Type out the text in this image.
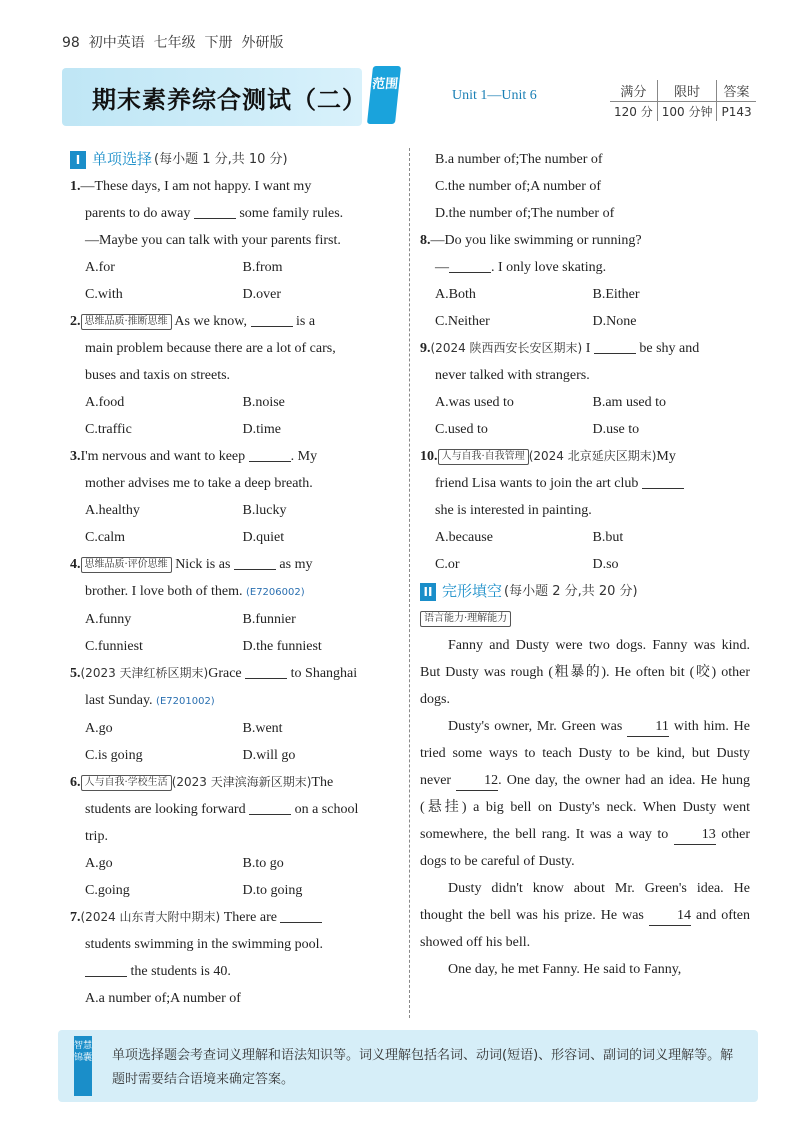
98 初中英语 七年级 下册 外研版
期末素养综合测试（二）
范围
Unit 1—Unit 6	满分	限时	答案
120 分	100 分钟	P143
I 单项选择 (每小题 1 分,共 10 分)
1.—These days, I am not happy. I want my
parents to do away	some family rules.
—Maybe you can talk with your parents first.
A.for	B.from
C.with	D.over
2. 思维品质·推断思维 As we know,	is a
main problem because there are a lot of cars,
buses and taxis on streets.
A.food	B.noise
C.traffic	D.time
3.I'm nervous and want to keep	. My
mother advises me to take a deep breath.
A.healthy	B.lucky
C.calm	D.quiet
4. 思维品质·评价思维 Nick is as	as my
brother. I love both of them. (E7206002)
A.funny	B.funnier
C.funniest	D.the funniest
5.(2023 天津红桥区期末)Grace	to Shanghai
last Sunday. (E7201002)
A.go	B.went
C.is going	D.will go
6. 人与自我·学校生活 (2023 天津滨海新区期末)The
students are looking forward	on a school
trip.
A.go	B.to go
C.going	D.to going
7.(2024 山东青大附中期末) There are
students swimming in the swimming pool.
the students is 40.
A.a number of;A number of
B.a number of;The number of
C.the number of;A number of
D.the number of;The number of
8.—Do you like swimming or running?
—	. I only love skating.
A.Both	B.Either
C.Neither	D.None
9.(2024 陕西西安长安区期末) I	be shy and
never talked with strangers.
A.was used to	B.am used to
C.used to	D.use to
10. 人与自我·自我管理 (2024 北京延庆区期末)My
friend Lisa wants to join the art club
she is interested in painting.
A.because	B.but
C.or	D.so
II 完形填空 (每小题 2 分,共 20 分)
语言能力·理解能力
Fanny and Dusty were two dogs. Fanny was kind. But Dusty was rough (粗暴的). He often bit (咬) other dogs.
Dusty's owner, Mr. Green was 11 with him. He tried some ways to teach Dusty to be kind, but Dusty never 12. One day, the owner had an idea. He hung (悬挂) a big bell on Dusty's neck. When Dusty went somewhere, the bell rang. It was a way to 13 other dogs to be careful of Dusty.
Dusty didn't know about Mr. Green's idea. He thought the bell was his prize. He was 14 and often showed off his bell.
One day, he met Fanny. He said to Fanny,
智慧锦囊 单项选择题会考查词义理解和语法知识等。词义理解包括名词、动词(短语)、形容词、副词的词义理解等。解题时需要结合语境来确定答案。
